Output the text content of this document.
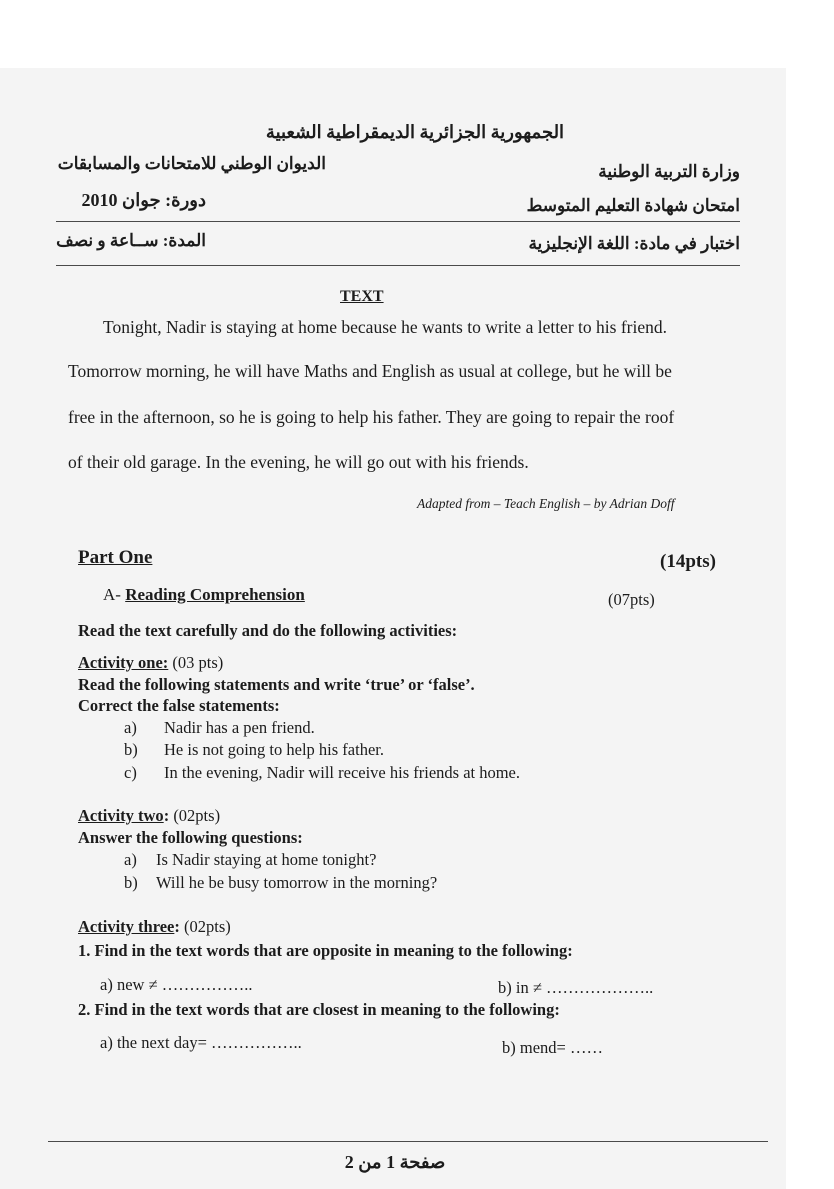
الجمهورية الجزائرية الديمقراطية الشعبية
الديوان الوطني للامتحانات والمسابقات	وزارة التربية الوطنية
دورة: جوان 2010	امتحان شهادة التعليم المتوسط
المدة: ســاعة و نصف	اختبار في مادة: اللغة الإنجليزية
TEXT
Tonight, Nadir is staying at home because he wants to write a letter to his friend.
Tomorrow morning, he will have Maths and English as usual at college, but he will be
free in the afternoon, so he is going to help his father. They are going to repair the roof
of their old garage. In the evening, he will go out with his friends.
Adapted from – Teach English – by Adrian Doff
Part One	(14pts)
A- Reading Comprehension	(07pts)
Read the text carefully and do the following activities:
Activity one: (03 pts)
Read the following statements and write ‘true’ or ‘false’.
Correct the false statements:
a) Nadir has a pen friend.
b) He is not going to help his father.
c) In the evening, Nadir will receive his friends at home.
Activity two: (02pts)
Answer the following questions:
a) Is Nadir staying at home tonight?
b) Will he be busy tomorrow in the morning?
Activity three: (02pts)
1. Find in the text words that are opposite in meaning to the following:
a) new ≠ ……………..	b) in ≠ ………………..
2. Find in the text words that are closest in meaning to the following:
a) the next day= ……………..	b) mend= ……
صفحة 1 من 2
